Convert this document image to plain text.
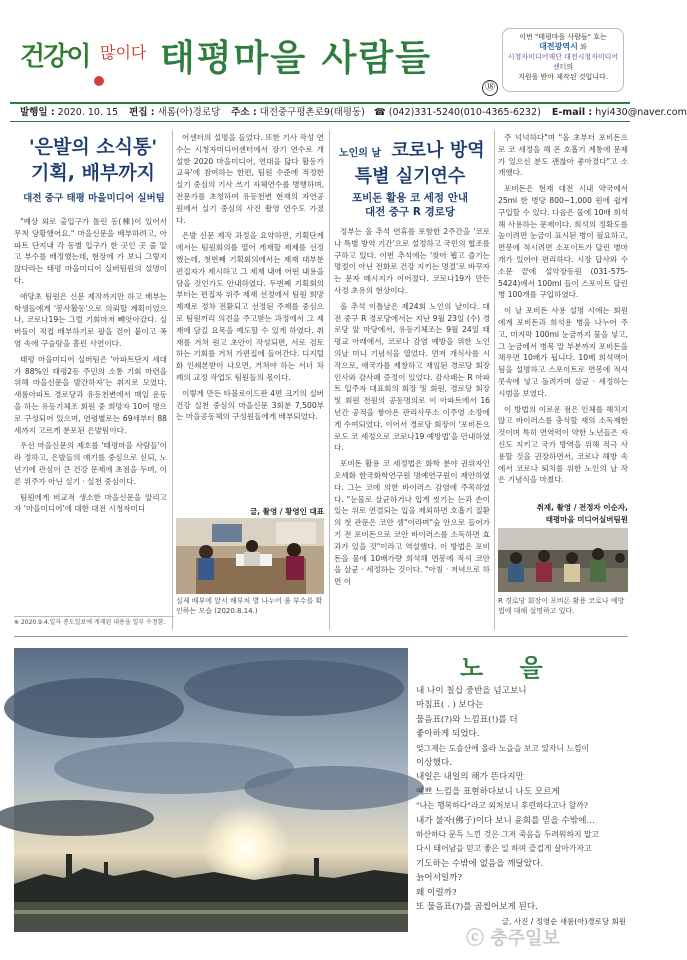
건강이 많이다 태평마을 사람들
⑱
이번 "태평마을 사람들" 호는
대전광역시 와
시청자미디어재단 대전시청자미디어센터의
지원을 받아 제작된 것입니다.
발행일 : 2020. 10. 15 편집 : 새롬(아)경로당 주소 : 대전중구평촌로9(태평동) ☎ (042)331-5240(010-4365-6232) E-mail : hyi430@naver.com
'은발의 소식통'
기획, 배부까지
대전 중구 태평 마을미디어 실버팀

"예상 외로 출입구가 톨린 동(棟)이 있어서 무척 당황했어요." 마을신문을 배부하려고, 아파트 단지내 각 동별 입구가 한 곳인 곳 줄 알고 부수를 배정했는데, 현장에 가 보니 그렇지 않다라는 태평 마을미디어 실버팀원의 설명이다.

애당초 팀원은 신문 제작까지만 하고 배부는 학생들에게 '봉사활동'으로 의뢰할 계획이었으나, 코로나19는 그럴 기회마저 빼앗아갔다. 실버들이 직접 배부하기로 팔을 걷어 붙이고 폭염 속에 구슬땀을 흘린 사연이다.

태평 마을미디어 실버팀은 '아파트단지 세대가 88%인 태평2동 주민의 소통 기회 마련을 위해 마을신문을 발간하자'는 취지로 모였다. 새롬아파트 경로당과 유등천변에서 매일 운동을 하는 유등기체조 회원 중 희망자 10여 명으로 구성되어 있으며, 연령별로는 69세부터 88세까지 고르게 분포된 은발팀이다.

우선 마을신문의 제호를 '태평마을 사람들'이라 정하고, 은발들의 얘기를 중심으로 싣되, 노년기에 관심이 큰 건강 문제에 초점을 두며, 이론 위주가 아닌 실기 · 실천 중심이다.

팀원에게 비교적 생소한 마을신문을 알리고자 '마을미디어'에 대한 대전 시청자미디

※ 2020.9.4.일자 중도일보에 게재된 내용을 일부 수정함.

어센터의 설명을 들었다. 또한 기사 작성 연수는 시청자미디어센터에서 장기 연수로 개설한 2020 마을미디어, 연대을 닮다 활동가 교육'에 참여하는 한편, 팀원 수준에 적정한 실기 중심의 기사 쓰기 자체연수를 병행하며, 전문가를 초청하여 유등천변 현재의 자연공원에서 실기 중심의 사진 촬영 연수도 가졌다.

은발 신문 제작 과정을 요약하면, 기획단계에서는 팀원회의를 열어 게재할 제제를 선정했는데, 첫번째 기획회의에서는 제재 대부분 편집자가 제시하고 그 제재 내에 어떤 내용을 담을 것인가도 안내하였다. 두번째 기획회의부터는 편집자 위주 제재 선정에서 팀원 희망 제재로 정차 전환되고 선정된 주제를 중심으로 팀원끼리 의견을 주고받는 과정에서 그 제재에 담길 요목을 예도할 수 있게 하였다. 취재를 거쳐 원고 초안이 작성되면, 서로 검토하는 기회를 거쳐 가편집에 들어간다. 디지털화 인쇄본받이 나오면, 거쳐야 하는 서너 차례의 교정 작업도 팀원들의 몫이다.

이렇게 만든 타블로이드판 4면 크기의 실버 건강 실천 중심의 마을신문 3회분 7,500부는 마을공동체의 구성원들에게 배부되었다.

글, 촬영 / 황영인 대표
실제 배부에 앞서 배부처 별 나누어 줄 부수를 확인하는 모습 (2020.8.14.)
노인의 날 코로나 방역
특별 실기연수
포비돈 활용 코 세정 안내
대전 중구 R 경로당

정부는 올 추석 연휴를 포함한 2주간을 '코로나 특별 방역 기간'으로 설정하고 국민의 협조를 구하고 있다. 이번 추석에는 '찾아 뵙고 즐기는 명절이 아닌 전화로 건강 지키는 명절'로 바꾸자는 문자 메시지가 이어졌다. 코로나19가 만든 사정 초유의 현상이다.

올 추석 이틀날은 제24회 노인의 날이다. 대전 중구 R 경로당에서는 지난 9월 23일 (수) 경로당 앞 마당에서, 유등기체조는 9월 24일 태평교 아래에서, 코로나 감염 예방을 위한 노인의날 미니 기념식을 열었다. 먼저 개식사를 시작으로, 애국가를 제창하고 재임된 경로당 회장 인사와 감사패 증정이 있었다. 감사패는 R 아파트 입주자 대표회의 회장 및 회원, 경로당 회장 및 회원 전원의 공동명의로 이 아파트에서 16년간 공적을 쌓아온 관리사무소 이주영 소장에게 수여되었다. 이어서 경로당 회장이 '포비돈으로도 코 세정으로 코로나19 예방법'을 안내하였다.

포비돈 활용 코 세정법은 화학 분야 권위자인 오세화 한국화학연구원 명예연구원이 제안하였다. 그는 코에 의한 바이러스 감염에 주목하였다. "눈물로 살균하거나 입게 씻기는 는과 손이 있는 위로 연결되는 입을 제외하면 호흡기 질환의 첫 관문은 코안 셈"이라며"숨 안으로 들어가기 전 포비돈으로 코안 바이러스를 소독하면 효과가 있을 것"이라고 역설했다. 이 방법은 포비돈을 물에 10배가량 희석해 면봉에 적셔 코안을 살균 · 세정하는 것이다. "아침 · 저녁으로 하면 이

주 넉넉하다"며 "올 초부터 포비돈으로 코 세정을 해 온 호흡기 계통에 문제가 있으신 분도 괜찮아 좋아졌다"고 소개했다.

포비돈은 현재 대전 시내 약국에서 25ml 한 병당 800~1,000 원에 쉽게 구입할 수 있다. 다음은 물에 10배 희석해 사용하는 문제이다. 희석의 정확도를 높이려면 눈금이 표시된 병이 필요하고, 면봉에 적시려면 소포이트가 달린 병마개가 있어야 편리하다. 시장 답사와 수소문 끝에 설악장동원 (031-575-5424)에서 100ml 들이 스포이트 달린 병 100개를 구입하였다.

이 날 포비돈 사용 설명 시에는 회원에게 포비돈과 희석용 병을 나누어 주고, 미지막 100ml 눈금까지 물을 넣고, 그 눈금에서 병목 말 부분까지 포비돈을 채우면 10배가 됩니다. 10배 희석액이 됨을 설명하고 스포이트로 면봉에 적셔 콧속에 넣고 돌려가며 살균 · 세정하는 시범을 보였다.

이 방법의 이로운 점은 인체를 해치지 않고 바이러스를 충식할 재의 소독제한 것이며 특히 면역력이 약한 노년들은 자신도 지키고 국가 방역을 위해 적극 사용할 것을 권장하면서, 코로나 해방 속에서 코로나 퇴치를 위한 노인의 날 작은 기념식을 마쳤다.

취재, 촬영 / 전정자 이순자,
태평마을 미디어실버팀원
R 경로당 회장이 포비돈 활용 코로나 예방법에 대해 설명하고 있다.
노 을
내 나이 칠십 중반을 넘고보니
마침표( . ) 보다는
물음표(?)와 느낌표(!)를 더
좋아하게 되었다.
엊그제는 도솔산에 올라 노을을 보고 있자니 느낌이
이상했다.
내일은 내일의 해가 뜬다지만
예쁘 느낌을 표현하다보니 나도 모르게
"나는 행복하다"라고 외쳐보니 후련하다고나 할까?
내가 불자(佛子)이다 보니 윤회를 믿을 수밖에…
하산하다 문득 느낀 것은 그저 죽음을 두려워하지 말고
다시 태어남을 믿고 좋은 일 하며 즐겁게 살아가자고
기도하는 수밖에 없음을 깨달았다.
늙어서일까?
왜 이럴까?
또 물음표(?)를 곱씹어보게 된다.
글, 사진 / 정영순 새롬(아)경로당 회원
ⓒ 충주일보
